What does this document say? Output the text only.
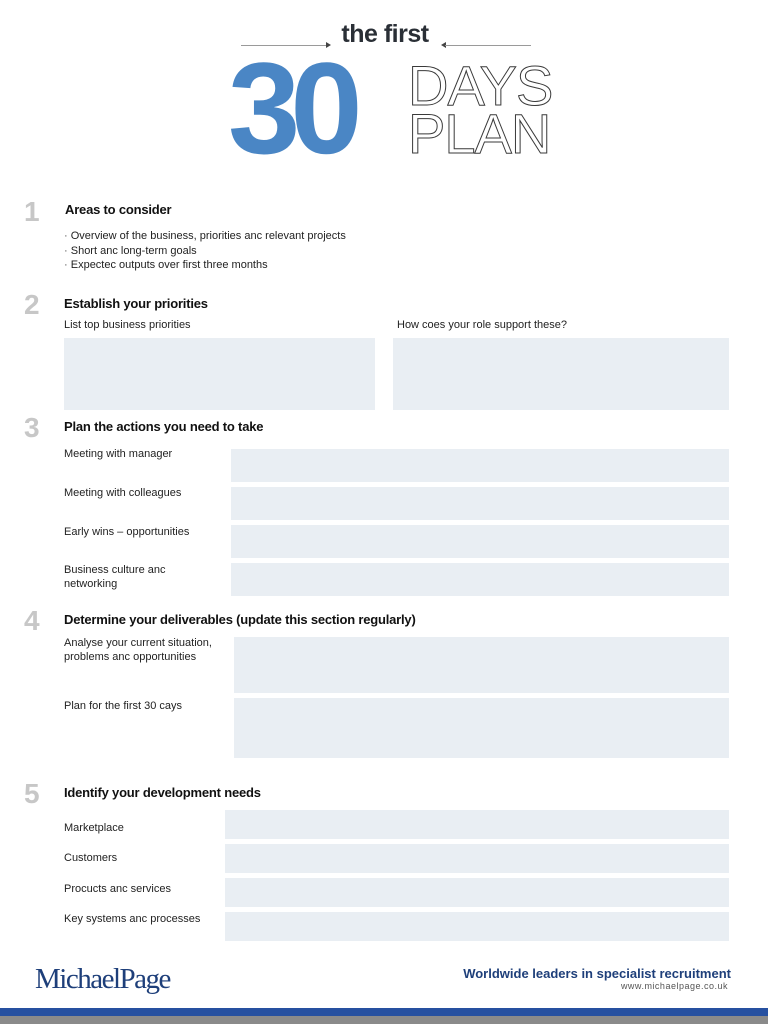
the first
30 DAYS
PLAN
1 Areas to consider
· Overview of the business, priorities anc relevant projects
· Short anc long-term goals
· Expectec outputs over first three months
2 Establish your priorities
List top business priorities	How coes your role support these?
3 Plan the actions you need to take
Meeting with manager
Meeting with colleagues
Early wins – opportunities
Business culture anc networking
4 Determine your deliverables (update this section regularly)
Analyse your current situation, problems anc opportunities
Plan for the first 30 cays
5 Identify your development needs
Marketplace
Customers
Procucts anc services
Key systems anc processes
MichaelPage	Worldwide leaders in specialist recruitment
www.michaelpage.co.uk
